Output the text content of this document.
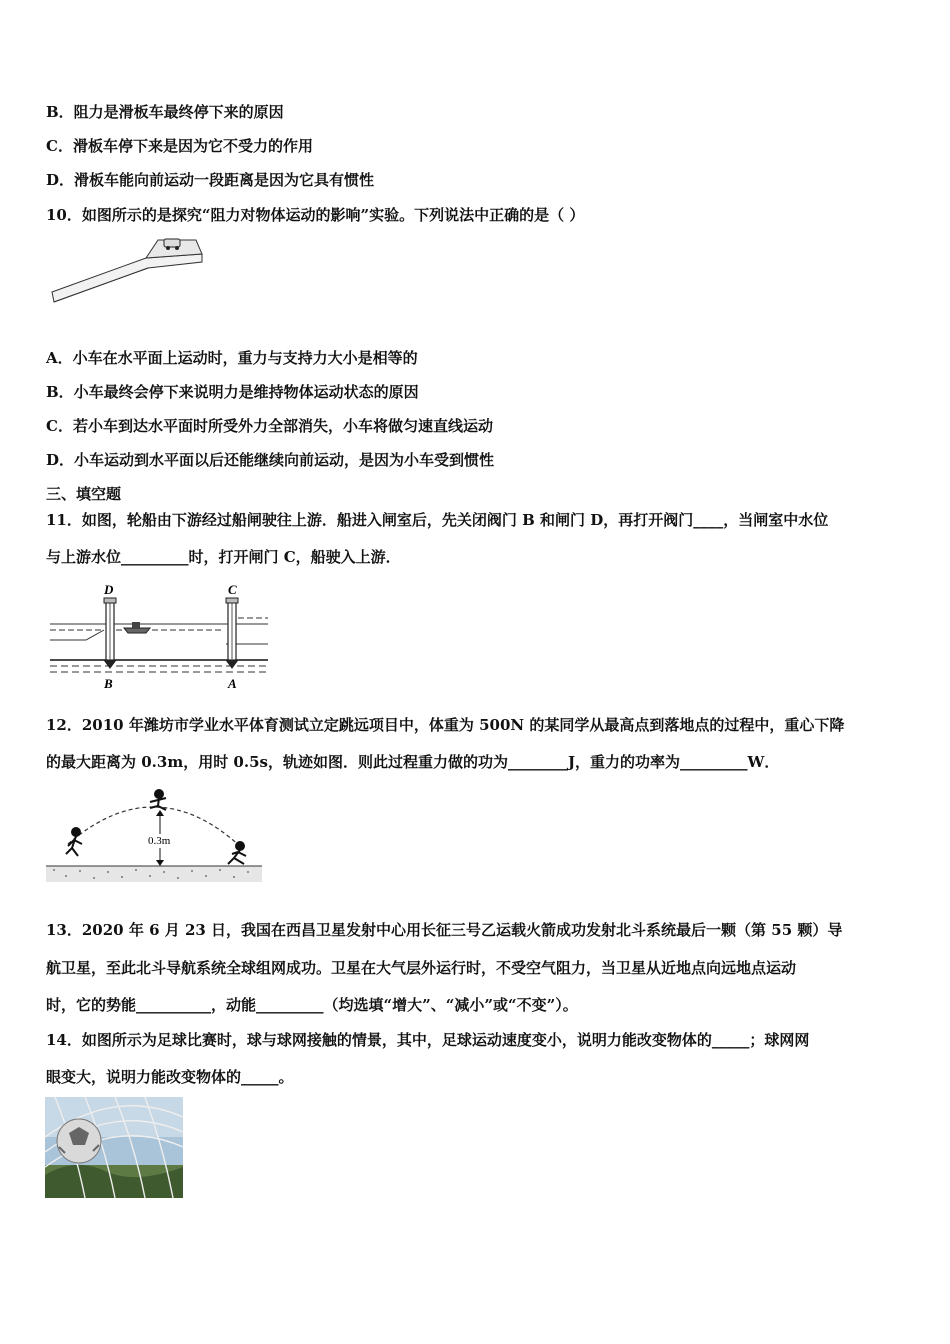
B．阻力是滑板车最终停下来的原因
C．滑板车停下来是因为它不受力的作用
D．滑板车能向前运动一段距离是因为它具有惯性
10．如图所示的是探究“阻力对物体运动的影响”实验。下列说法中正确的是（ ）
A．小车在水平面上运动时，重力与支持力大小是相等的
B．小车最终会停下来说明力是维持物体运动状态的原因
C．若小车到达水平面时所受外力全部消失，小车将做匀速直线运动
D．小车运动到水平面以后还能继续向前运动，是因为小车受到惯性
三、填空题
11．如图，轮船由下游经过船闸驶往上游．船进入闸室后，先关闭阀门 B 和闸门 D，再打开阀门____，当闸室中水位
与上游水位_________时，打开闸门 C，船驶入上游．
D	C
B	A
12．2010 年潍坊市学业水平体育测试立定跳远项目中，体重为 500N 的某同学从最高点到落地点的过程中，重心下降
的最大距离为 0.3m，用时 0.5s，轨迹如图．则此过程重力做的功为________J，重力的功率为_________W．
0.3m
13．2020 年 6 月 23 日，我国在西昌卫星发射中心用长征三号乙运载火箭成功发射北斗系统最后一颗（第 55 颗）导
航卫星，至此北斗导航系统全球组网成功。卫星在大气层外运行时，不受空气阻力，当卫星从近地点向远地点运动
时，它的势能__________，动能_________（均选填“增大”、“减小”或“不变”）。
14．如图所示为足球比赛时，球与球网接触的情景，其中，足球运动速度变小，说明力能改变物体的_____；球网网
眼变大，说明力能改变物体的_____。
